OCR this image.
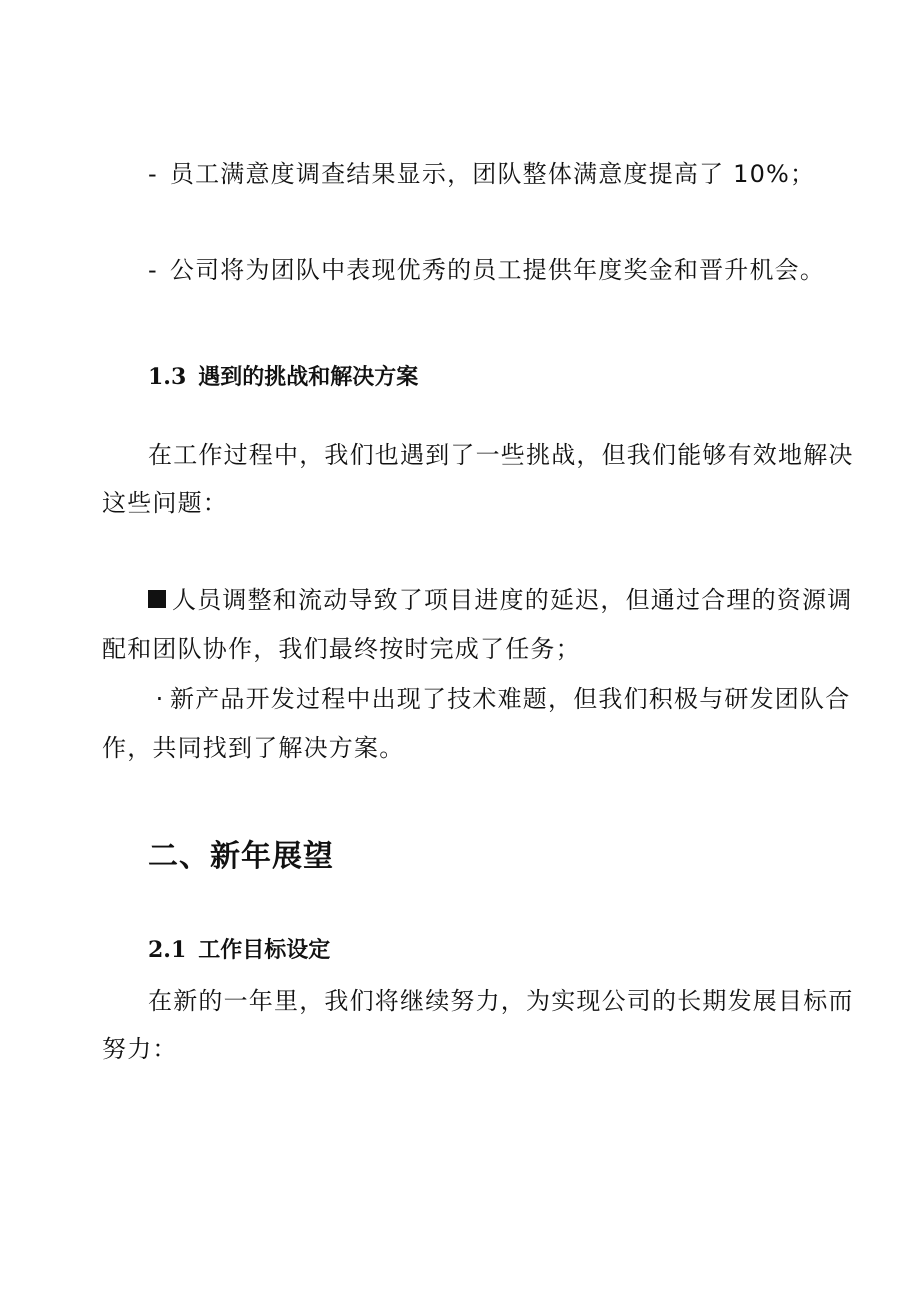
- 员工满意度调查结果显示，团队整体满意度提高了 10%；
- 公司将为团队中表现优秀的员工提供年度奖金和晋升机会。
1.3 遇到的挑战和解决方案
在工作过程中，我们也遇到了一些挑战，但我们能够有效地解决
这些问题：
人员调整和流动导致了项目进度的延迟，但通过合理的资源调
配和团队协作，我们最终按时完成了任务；
· 新产品开发过程中出现了技术难题，但我们积极与研发团队合
作，共同找到了解决方案。
二、新年展望
2.1 工作目标设定
在新的一年里，我们将继续努力，为实现公司的长期发展目标而
努力：
